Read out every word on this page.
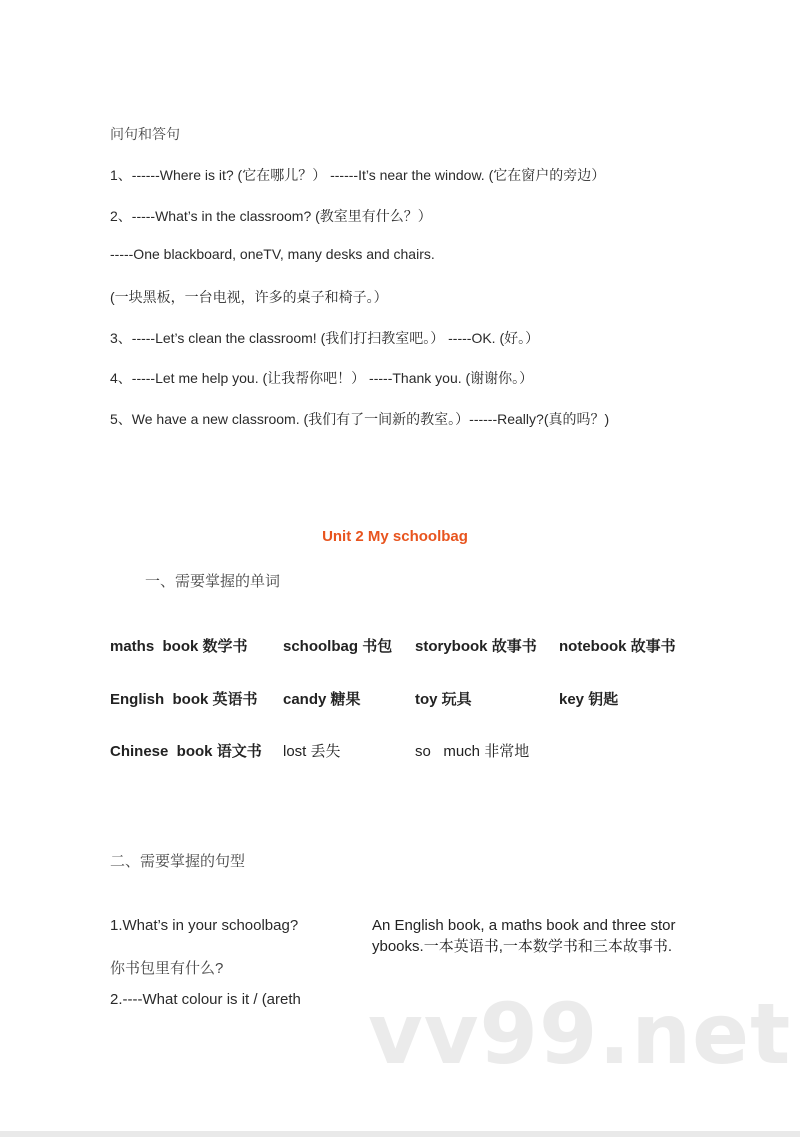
问句和答句
1、------Where is it? (它在哪儿？） ------It’s near the window. (它在窗户的旁边）
2、-----What’s in the classroom? (教室里有什么？）
-----One blackboard, oneTV, many desks and chairs.
(一块黑板，一台电视，许多的桌子和椅子。）
3、-----Let’s clean the classroom! (我们打扫教室吧。） -----OK. (好。）
4、-----Let me help you. (让我帮你吧！） -----Thank you. (谢谢你。）
5、We have a new classroom. (我们有了一间新的教室。）------Really?(真的吗？)
Unit 2 My schoolbag
一、需要掌握的单词
maths  book 数学书	schoolbag 书包	storybook 故事书	notebook 故事书
English  book 英语书 candy 糖果	toy 玩具	key 钥匙
Chinese  book 语文书 lost 丢失	so   much 非常地
二、需要掌握的句型
1.What’s in your schoolbag?
你书包里有什么?
An English book, a maths book and three storybooks.一本英语书,一本数学书和三本故事书.
2.----What colour is it / (areth vv99.net
